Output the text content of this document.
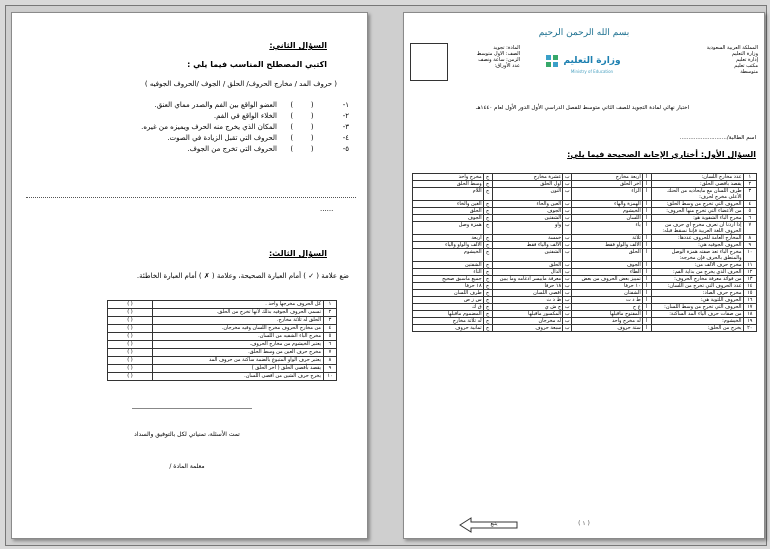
السؤال الثاني:
اكتبي المصطلح المناسب فيما يلي :
( حروف المد / مخارج الحروف/ الحلق / الجوف /الحروف الجوفيه )
١-
(        )
العضو الواقع بين الفم والصدر مماي العنق.
٢-
(        )
الخلاء الواقع في الفم.
٣-
(        )
المكان الذي يخرج منه الحرف ويميزه من غيره.
٤-
(        )
الحروف التي تقبل الزيادة في الصوت.
٥-
(        )
الحروف التي تخرج من الجوف.
......
السؤال الثالث:
ضع علامة ( ✓ ) أمام العبارة الصحيحة، وعلامة ( ✗ ) أمام العبارة الخاطئة.
١	كل الحروف مخرجها واحد .	( )
٢	تسمى الحروف الجوفيه بذلك لأنها تخرج من الحلق.	( )
٣	الحلق له ثلاثة مخارج.	( )
٤	من مخارج الحروف مخرج اللسان وفيه مخرجان.	( )
٥	مخرج الباء الشفيه من اللسان.	( )
٦	يعتبر الخيشوم من مخارج الحروف.	( )
٧	مخرج حرف العين من وسط الحلق.	( )
٨	يعتبر حرف الواو المتبوع بالضمة ساكنة من حروف المد	( )
٩	يقصد بأقصى الحلق ( آخر الحلق )	( )
١٠	يخرج حرف الشين من أقصى اللسان.	( )
تمت الأسئلة، تمنياتي لكل بالتوفيق والسداد
معلمة المادة /
المملكة العربية السعودية
وزارة التعليم
إدارة تعليم
مكتب تعليم
متوسطة
المادة: تجويد
الصف: الاول متوسط
الزمن: ساعة ونصف
عدد الأوراق:
بسم الله الرحمن الرحيم
وزارة التعليم
Ministry of Education
اختبار نهائي لمادة التجويد للصف الثاني متوسط للفصل الدراسي الأول الدور الأول لعام ١٤٤٠هـ
اسم الطالبة/...........................
السؤال الأول: أختاري الإجابة الصحيحة فيما يلي:
١	عدد مخارج اللسان:	أ	أربعة مخارج	ب	عشرة مخارج	ج	مخرج واحد
٢	يقصد بأقصى الحلق:	أ	آخر الحلق	ب	أول الحلق	ج	وسط الحلق
٣	طرف اللسان مع مايحاذيه من الحنك الأعلى مخرج لحرف:	أ	الزاء	ب	النون	ج	اللام
٤	الحروف التي تخرج من وسط الحلق:	أ	الهمزة والهاء	ب	العين والحاء	ج	الغين والخاء
٥	من الأعضاء التي تخرج منها الحروف:	أ	الخيشوم	ب	الجوف	ج	الحلق
٦	مخرج الباء الشفوية هو:	أ	اللسان	ب	الشفتين	ج	الجوف
٧	إذا أردنا أن نعرف مخرج أي حرف من الحروف اللغة العربية فإننا نسقط قبله:	أ	ياء	ب	واو	ج	همزة وصل
٨	المخارج العامة للحروف عددها:	أ	ثلاثة	ب	خمسة	ج	أربعة
٩	الحروف الجوفيه هي:	أ	الألف والواو فقط	ب	الألف والياء فقط	ج	الألف والواو والياء
١٠	مخرج الباء تعد صفته همزة الوصل والمنطق بالحرف فإن مخرجه:	أ	الحلق	ب	الشفتين	ج	الخيشوم
١١	مخرج حرف الألف من:	أ	الجوف	ب	الحلق	ج	الشفتين
١٢	الحرف الذي يخرج من بداية الفم:	أ	الطاء	ب	الدال	ج	التاء
١٣	من فوائد معرفة مخارج الحروف:	أ	تمييز بعض الحروف من بعض	ب	معرفة ماييسر ادغامه وما يبين	ج	جميع ماسبق صحيح
١٤	عدد الحروف التي تخرج من اللسان:	أ	١٠ حرفاً	ب	١٨ حرفاً	ج	١٨ حرفاً
١٥	مخرج حرف الصاد:	أ	الشفتان	ب	أقصى اللسان	ج	طرف اللسان
١٦	الحروف اللثوية هي:	أ	ط د ت	ب	ظ ذ ث	ج	س ز ص
١٧	الحروف التي تخرج من وسط اللسان:	أ	ع ح	ب	ج ش ي	ج	ق ك
١٨	من صفات حرف الياء المد الساكنة:	أ	المفتوح ماقبلها	ب	المكسور ماقبلها	ج	المضموم ماقبلها
١٩	الخيشوم:	أ	له مخرج واحد	ب	له مخرجان	ج	له ثلاثة مخارج
٢٠	يخرج من الحلق:	أ	ستة حروف	ب	سبعة حروف	ج	ثمانية حروف
( ١ )
يتبع
